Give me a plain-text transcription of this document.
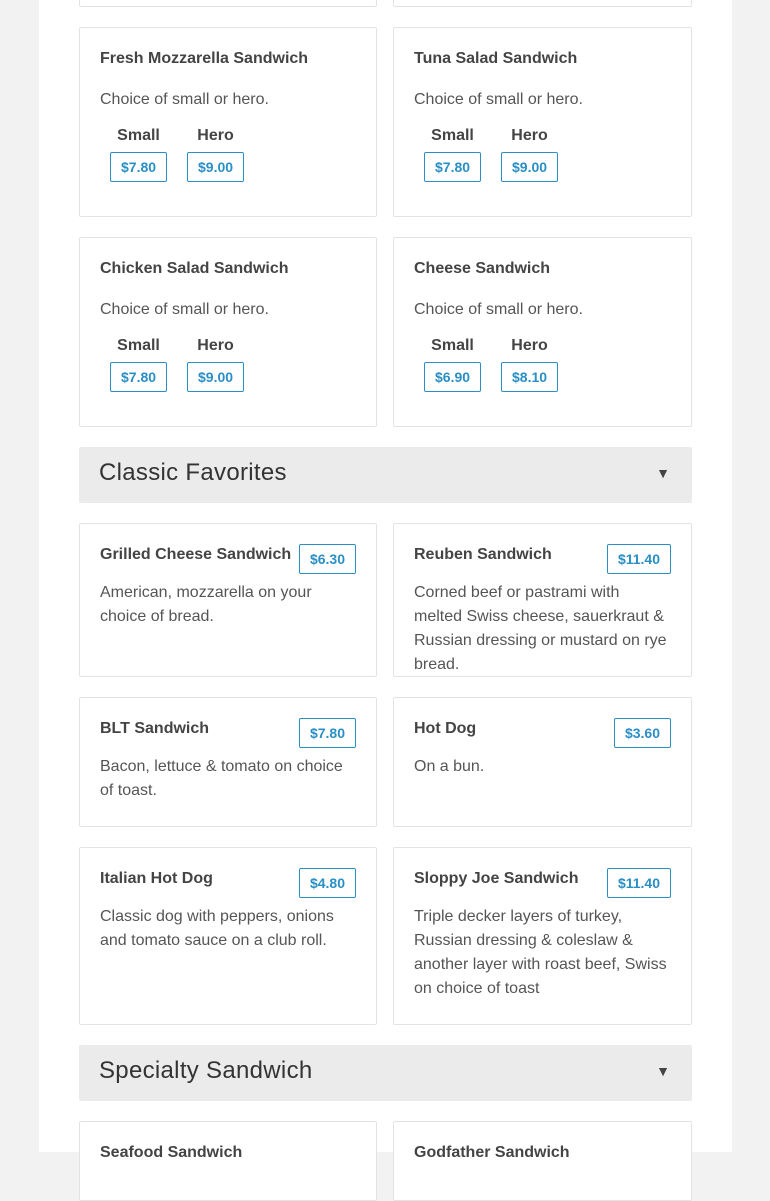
Fresh Mozzarella Sandwich
Choice of small or hero.
Small
$7.80
Hero
$9.00
Tuna Salad Sandwich
Choice of small or hero.
Small
$7.80
Hero
$9.00
Chicken Salad Sandwich
Choice of small or hero.
Small
$7.80
Hero
$9.00
Cheese Sandwich
Choice of small or hero.
Small
$6.90
Hero
$8.10
Classic Favorites	▼
Grilled Cheese Sandwich	$6.30
American, mozzarella on your choice of bread.
Reuben Sandwich	$11.40
Corned beef or pastrami with melted Swiss cheese, sauerkraut & Russian dressing or mustard on rye bread.
BLT Sandwich	$7.80
Bacon, lettuce & tomato on choice of toast.
Hot Dog	$3.60
On a bun.
Italian Hot Dog	$4.80
Classic dog with peppers, onions and tomato sauce on a club roll.
Sloppy Joe Sandwich	$11.40
Triple decker layers of turkey, Russian dressing & coleslaw & another layer with roast beef, Swiss on choice of toast
Specialty Sandwich	▼
Seafood Sandwich	Godfather Sandwich
